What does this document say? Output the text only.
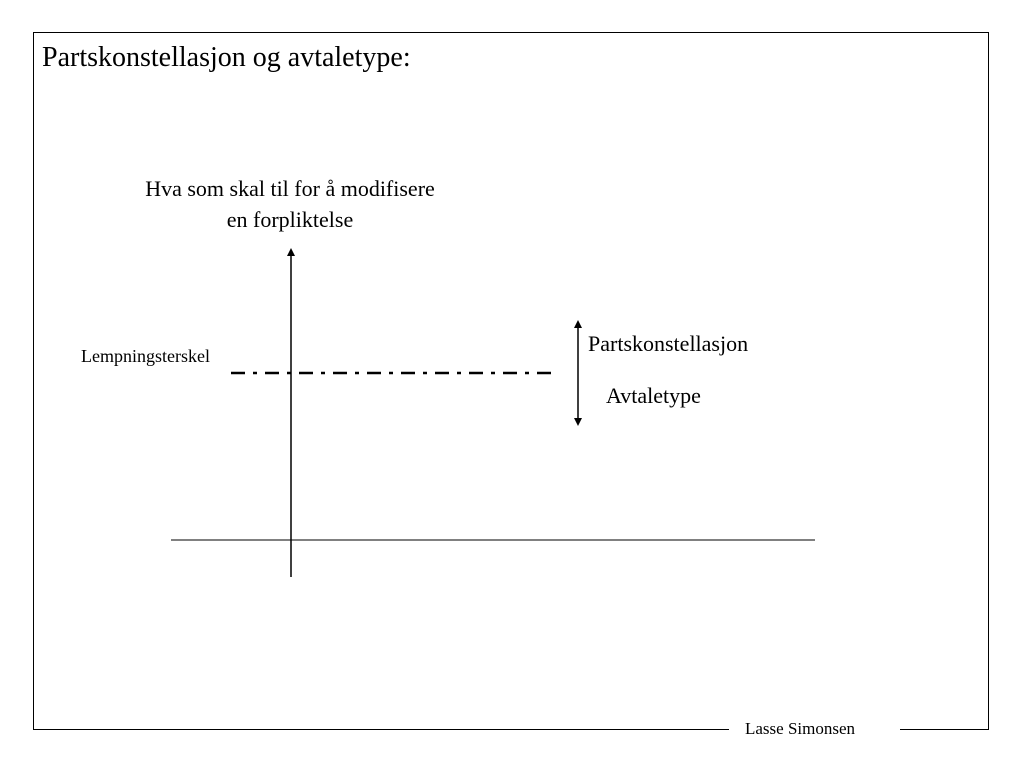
Partskonstellasjon og avtaletype:
Hva som skal til for å modifisere en forpliktelse
Lempningsterskel	Partskonstellasjon
Avtaletype
Lasse Simonsen
